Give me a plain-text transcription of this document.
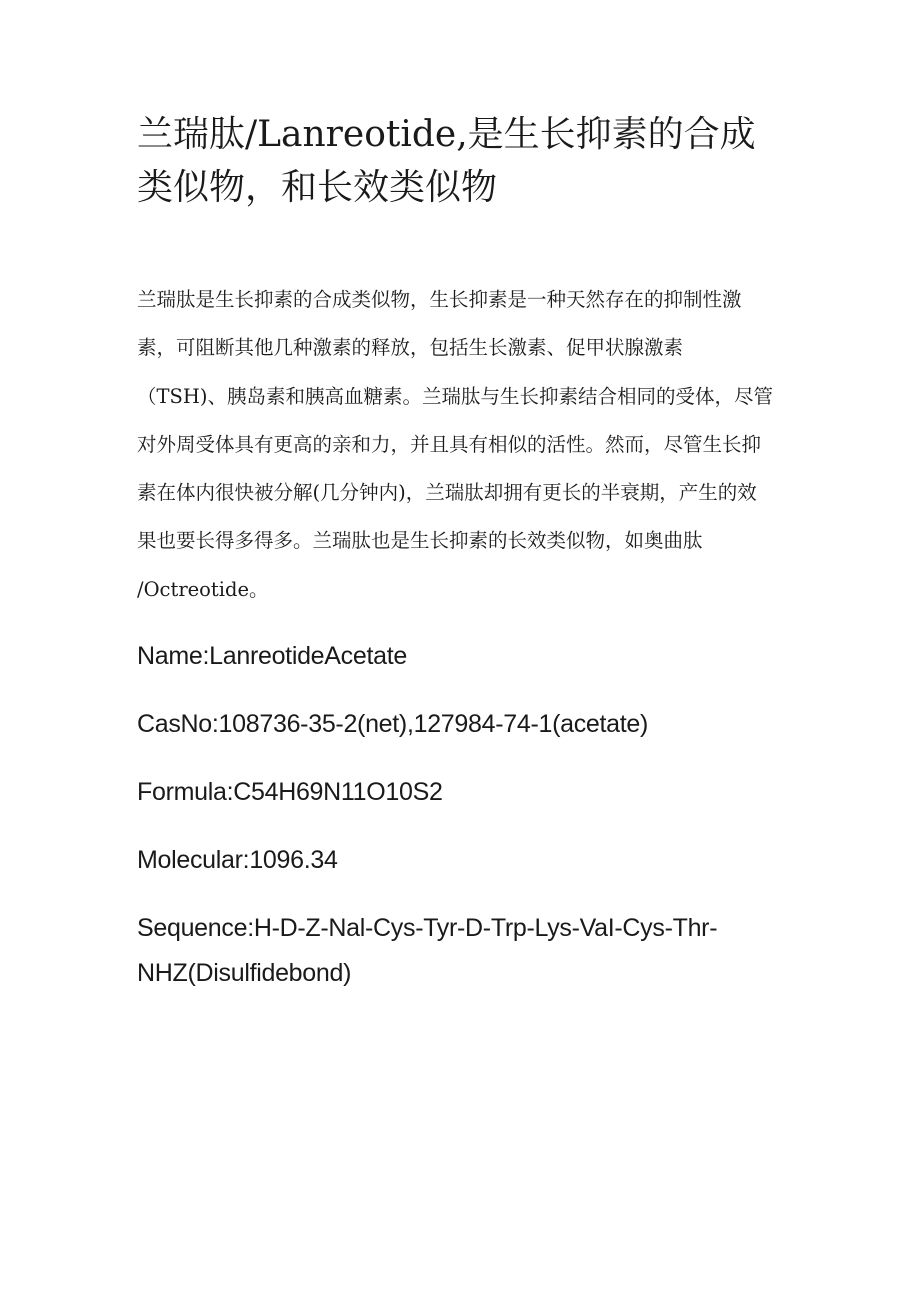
兰瑞肽/Lanreotide,是生长抑素的合成
类似物，和长效类似物
兰瑞肽是生长抑素的合成类似物，生长抑素是一种天然存在的抑制性激
素，可阻断其他几种激素的释放，包括生长激素、促甲状腺激素
（TSH)、胰岛素和胰高血糖素。兰瑞肽与生长抑素结合相同的受体，尽管
对外周受体具有更高的亲和力，并且具有相似的活性。然而，尽管生长抑
素在体内很快被分解(几分钟内)，兰瑞肽却拥有更长的半衰期，产生的效
果也要长得多得多。兰瑞肽也是生长抑素的长效类似物，如奥曲肽
/Octreotide。

Name:LanreotideAcetate

CasNo:108736-35-2(net),127984-74-1(acetate)

Formula:C54H69N11O10S2

Molecular:1096.34

Sequence:H-D-Z-Nal-Cys-Tyr-D-Trp-Lys-VaI-Cys-Thr-
NHZ(Disulfidebond)
